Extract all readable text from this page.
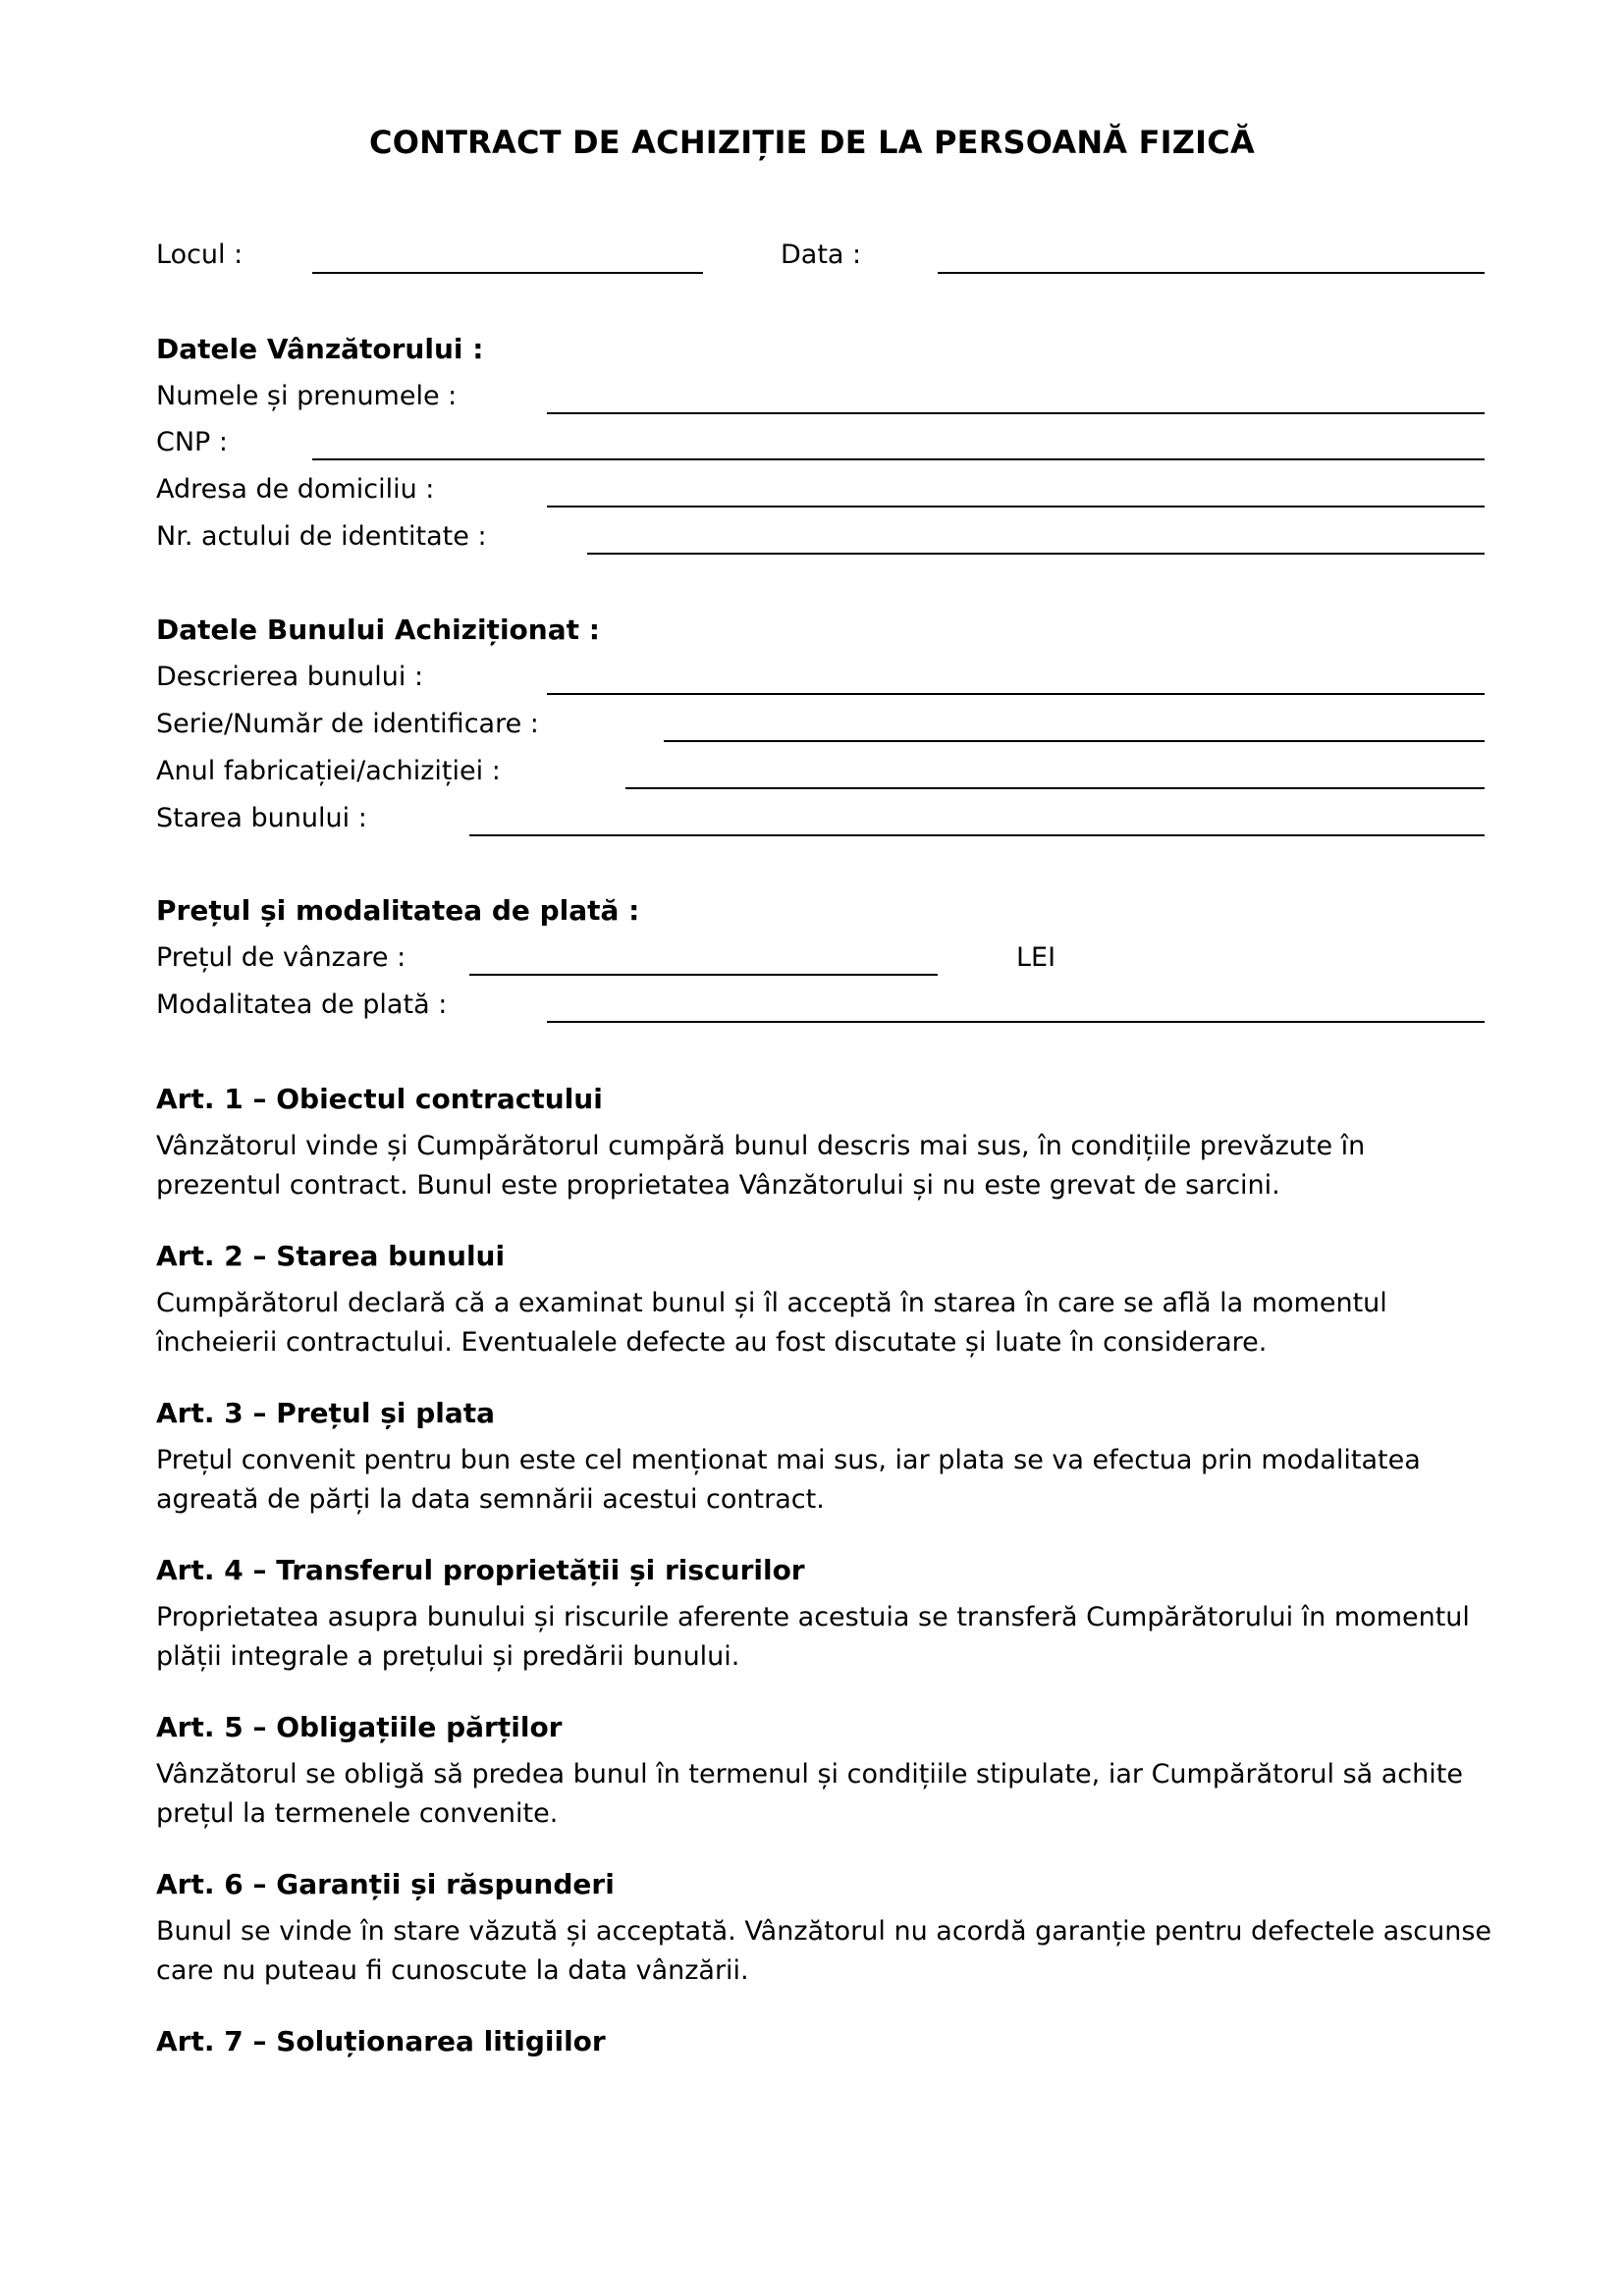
CONTRACT DE ACHIZIȚIE DE LA PERSOANĂ FIZICĂ
Locul :	Data :
Datele Vânzătorului :
Numele și prenumele :
CNP :
Adresa de domiciliu :
Nr. actului de identitate :
Datele Bunului Achiziționat :
Descrierea bunului :
Serie/Număr de identificare :
Anul fabricației/achiziției :
Starea bunului :
Prețul și modalitatea de plată :
Prețul de vânzare :	LEI
Modalitatea de plată :
Art. 1 – Obiectul contractului

Vânzătorul vinde și Cumpărătorul cumpără bunul descris mai sus, în condițiile prevăzute în prezentul contract. Bunul este proprietatea Vânzătorului și nu este grevat de sarcini.

Art. 2 – Starea bunului

Cumpărătorul declară că a examinat bunul și îl acceptă în starea în care se află la momentul încheierii contractului. Eventualele defecte au fost discutate și luate în considerare.

Art. 3 – Prețul și plata

Prețul convenit pentru bun este cel menționat mai sus, iar plata se va efectua prin modalitatea agreată de părți la data semnării acestui contract.

Art. 4 – Transferul proprietății și riscurilor

Proprietatea asupra bunului și riscurile aferente acestuia se transferă Cumpărătorului în momentul plății integrale a prețului și predării bunului.

Art. 5 – Obligațiile părților

Vânzătorul se obligă să predea bunul în termenul și condițiile stipulate, iar Cumpărătorul să achite prețul la termenele convenite.

Art. 6 – Garanții și răspunderi

Bunul se vinde în stare văzută și acceptată. Vânzătorul nu acordă garanție pentru defectele ascunse care nu puteau fi cunoscute la data vânzării.

Art. 7 – Soluționarea litigiilor
